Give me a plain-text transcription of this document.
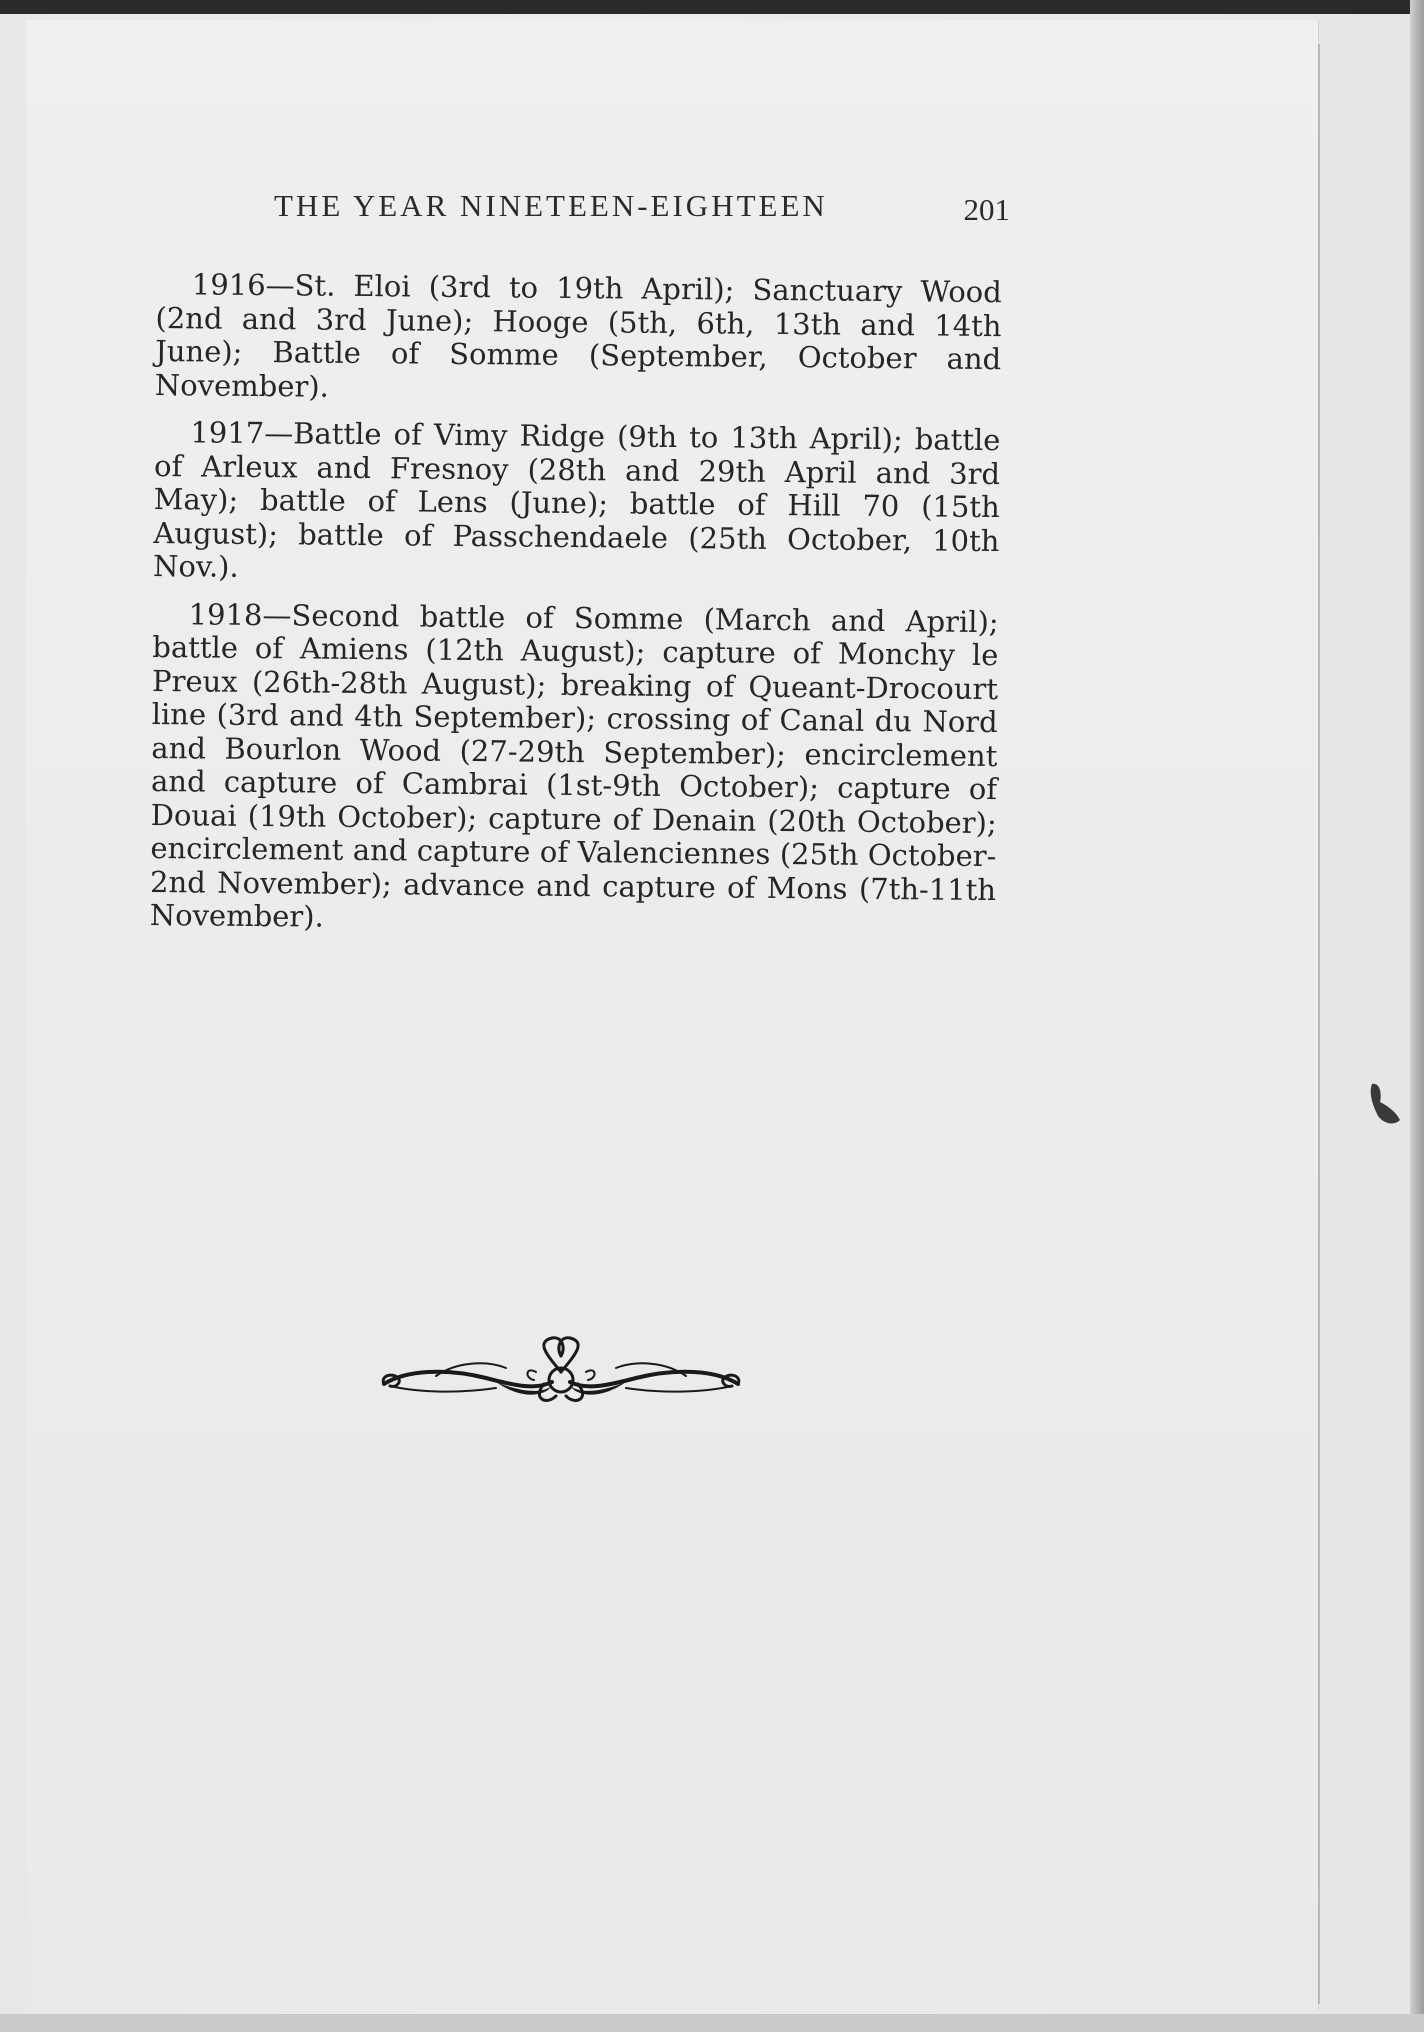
THE YEAR NINETEEN-EIGHTEEN	201

1916—St. Eloi (3rd to 19th April); Sanctuary Wood (2nd and 3rd June); Hooge (5th, 6th, 13th and 14th June); Battle of Somme (September, October and November).

1917—Battle of Vimy Ridge (9th to 13th April); battle of Arleux and Fresnoy (28th and 29th April and 3rd May); battle of Lens (June); battle of Hill 70 (15th August); battle of Passchendaele (25th October, 10th Nov.).

1918—Second battle of Somme (March and April); battle of Amiens (12th August); capture of Monchy le Preux (26th-28th August); breaking of Queant-Drocourt line (3rd and 4th September); crossing of Canal du Nord and Bourlon Wood (27-29th September); encirclement and capture of Cambrai (1st-9th October); capture of Douai (19th October); capture of Denain (20th October); encirclement and capture of Valenciennes (25th October-2nd November); advance and capture of Mons (7th-11th November).
